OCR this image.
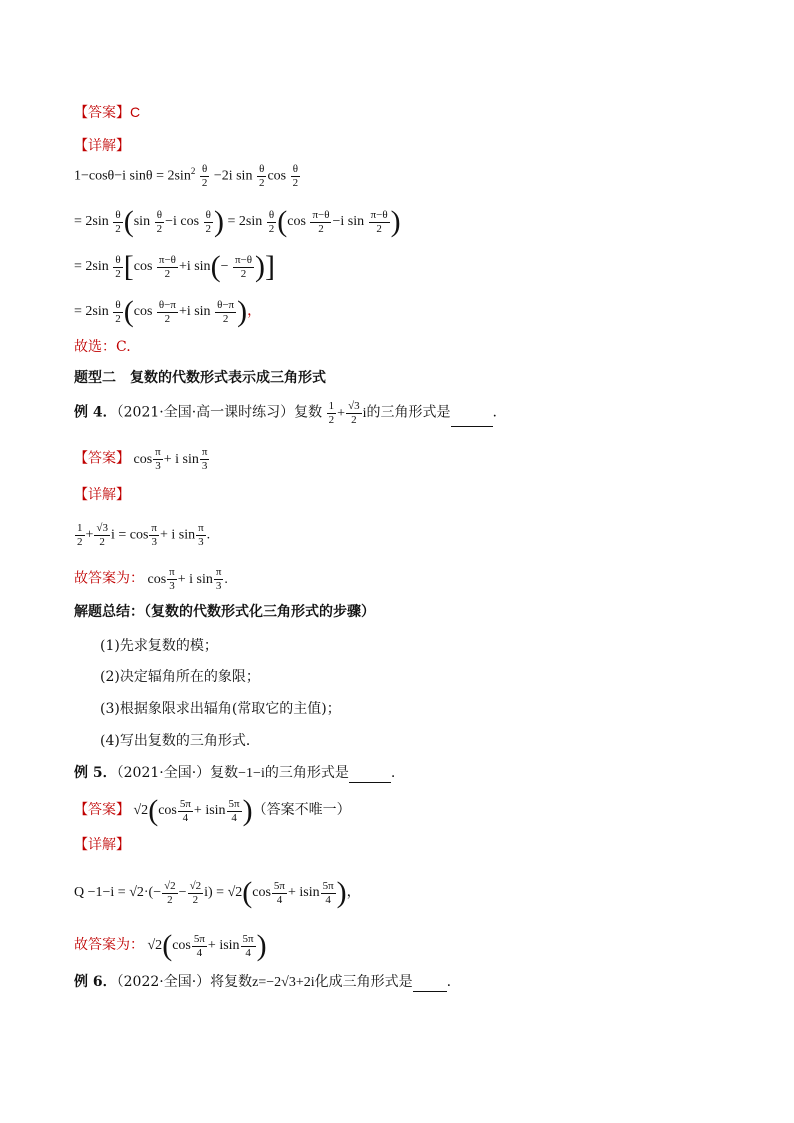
【答案】C
【详解】
1−cosθ−i $\sin\theta = 2\sin^2 \frac{\theta}{2} -2i$ $\sin \frac{\theta}{2}$ $\cos \frac{\theta}{2}$
= $2\sin \frac{\theta}{2} (\sin \frac{\theta}{2} -i$ $\cos \frac{\theta}{2}$ ) = $2\sin \frac{\theta}{2} (\cos \frac{\pi-\theta}{2} -i$ $\sin \frac{\pi-\theta}{2}$ )
= $2\sin \frac{\theta}{2} [\cos \frac{\pi-\theta}{2} +i$ $\sin(- \frac{\pi-\theta}{2}$ )]
= $2\sin \frac{\theta}{2} (\cos \frac{\theta-\pi}{2} +i$ $\sin \frac{\theta-\pi}{2}$ )，
故选：C.
题型二　复数的代数形式表示成三角形式
例 4．（2021·全国·高一课时练习）复数 $\frac{1}{2} + \frac{√3}{2}$ i的三角形式是	.
【答案】 $\cos \frac{\pi}{3} + i$ $\sin \frac{\pi}{3}$
【详解】
$\frac{1}{2} + \frac{√3}{2}$ $i = \cos \frac{\pi}{3} + i$ $\sin \frac{\pi}{3}$ .
故答案为： $\cos \frac{\pi}{3} + i$ $\sin \frac{\pi}{3}$ .
解题总结：（复数的代数形式化三角形式的步骤）
(1)先求复数的模；
(2)决定辐角所在的象限；
(3)根据象限求出辐角(常取它的主值)；
(4)写出复数的三角形式．
例 5．（2021·全国·）复数−1−i的三角形式是	.
【答案】 $√2(\cos \frac{5\pi}{4} + isin \frac{5\pi}{4}$ )（答案不唯一）
【详解】
$Q -1-i = √2\cdot(- \frac{√2}{2} - \frac{√2}{2} i) = √2(\cos \frac{5\pi}{4} + isin \frac{5\pi}{4}$ )，
故答案为： $√2(\cos \frac{5\pi}{4} + isin \frac{5\pi}{4}$ )
例 6．（2022·全国·）将复数z=−2√3+2i化成三角形式是 .
